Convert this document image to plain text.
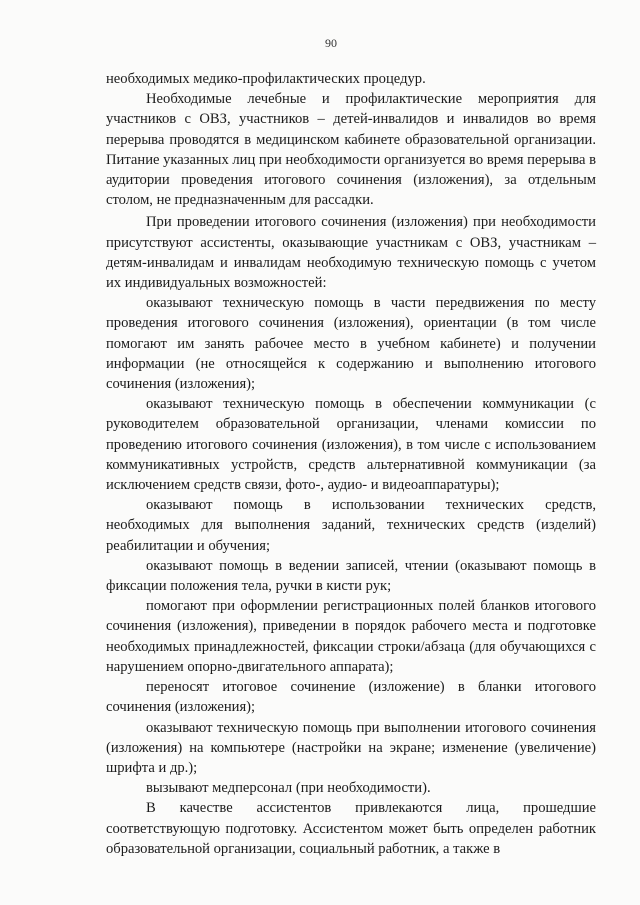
90

необходимых медико-профилактических процедур.

Необходимые лечебные и профилактические мероприятия для участников с ОВЗ, участников – детей-инвалидов и инвалидов во время перерыва проводятся в медицинском кабинете образовательной организации. Питание указанных лиц при необходимости организуется во время перерыва в аудитории проведения итогового сочинения (изложения), за отдельным столом, не предназначенным для рассадки.

При проведении итогового сочинения (изложения) при необходимости присутствуют ассистенты, оказывающие участникам с ОВЗ, участникам – детям-инвалидам и инвалидам необходимую техническую помощь с учетом их индивидуальных возможностей:

оказывают техническую помощь в части передвижения по месту проведения итогового сочинения (изложения), ориентации (в том числе помогают им занять рабочее место в учебном кабинете) и получении информации (не относящейся к содержанию и выполнению итогового сочинения (изложения);

оказывают техническую помощь в обеспечении коммуникации (с руководителем образовательной организации, членами комиссии по проведению итогового сочинения (изложения), в том числе с использованием коммуникативных устройств, средств альтернативной коммуникации (за исключением средств связи, фото-, аудио- и видеоаппаратуры);

оказывают помощь в использовании технических средств, необходимых для выполнения заданий, технических средств (изделий) реабилитации и обучения;

оказывают помощь в ведении записей, чтении (оказывают помощь в фиксации положения тела, ручки в кисти рук;

помогают при оформлении регистрационных полей бланков итогового сочинения (изложения), приведении в порядок рабочего места и подготовке необходимых принадлежностей, фиксации строки/абзаца (для обучающихся с нарушением опорно-двигательного аппарата);

переносят итоговое сочинение (изложение) в бланки итогового сочинения (изложения);

оказывают техническую помощь при выполнении итогового сочинения (изложения) на компьютере (настройки на экране; изменение (увеличение) шрифта и др.);

вызывают медперсонал (при необходимости).

В качестве ассистентов привлекаются лица, прошедшие соответствующую подготовку. Ассистентом может быть определен работник образовательной организации, социальный работник, а также в
